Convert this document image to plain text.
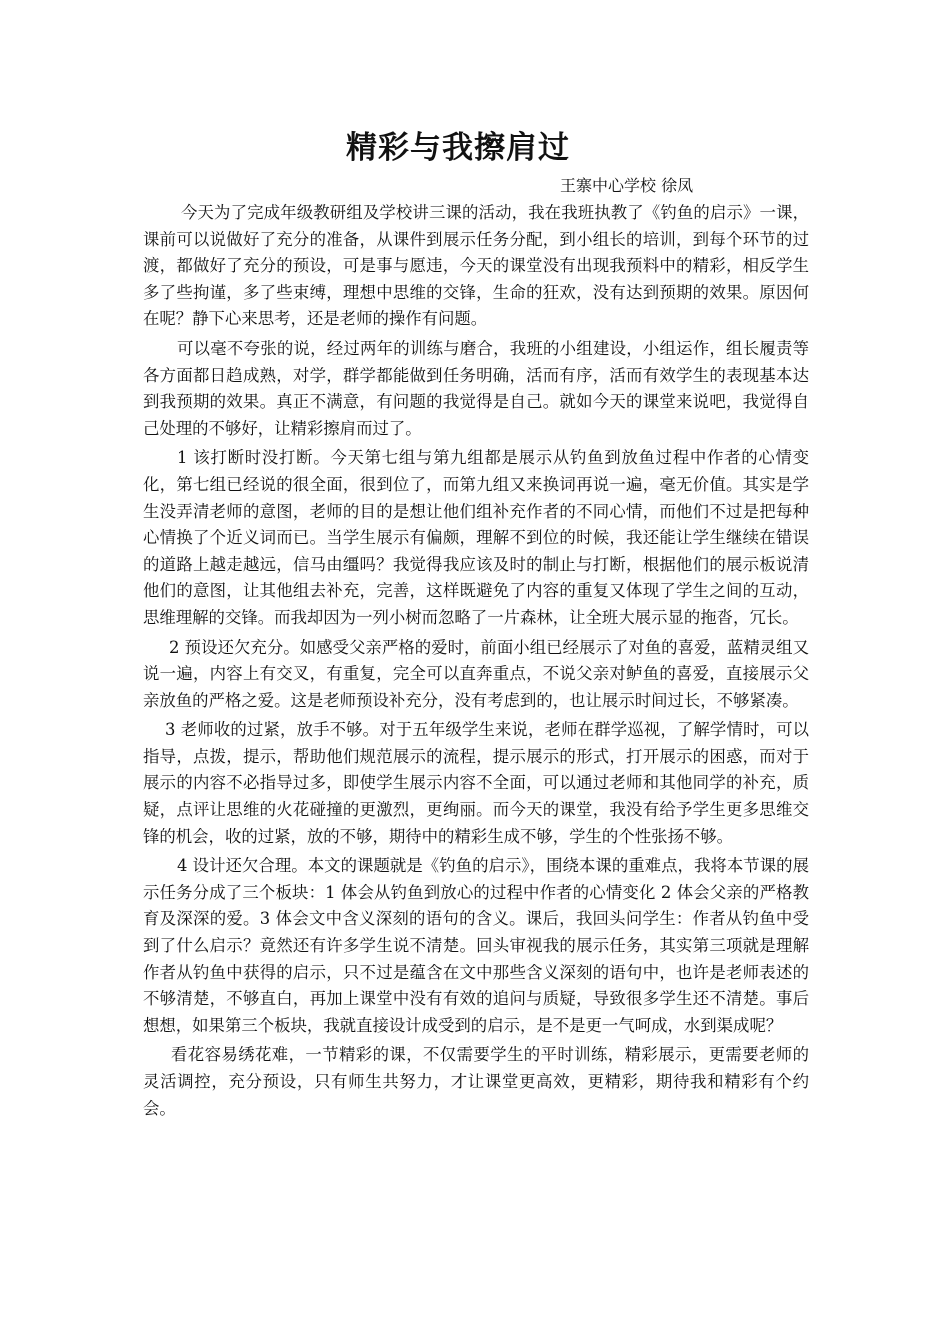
精彩与我擦肩过

王寨中心学校 徐凤

今天为了完成年级教研组及学校讲三课的活动，我在我班执教了《钓鱼的启示》一课，课前可以说做好了充分的准备，从课件到展示任务分配，到小组长的培训，到每个环节的过渡，都做好了充分的预设，可是事与愿违，今天的课堂没有出现我预料中的精彩，相反学生多了些拘谨，多了些束缚，理想中思维的交锋，生命的狂欢，没有达到预期的效果。原因何在呢？静下心来思考，还是老师的操作有问题。

可以毫不夸张的说，经过两年的训练与磨合，我班的小组建设，小组运作，组长履责等各方面都日趋成熟，对学，群学都能做到任务明确，活而有序，活而有效学生的表现基本达到我预期的效果。真正不满意，有问题的我觉得是自己。就如今天的课堂来说吧，我觉得自己处理的不够好，让精彩擦肩而过了。

1 该打断时没打断。今天第七组与第九组都是展示从钓鱼到放鱼过程中作者的心情变化，第七组已经说的很全面，很到位了，而第九组又来换词再说一遍，毫无价值。其实是学生没弄清老师的意图，老师的目的是想让他们组补充作者的不同心情，而他们不过是把每种心情换了个近义词而已。当学生展示有偏颇，理解不到位的时候，我还能让学生继续在错误的道路上越走越远，信马由缰吗？我觉得我应该及时的制止与打断，根据他们的展示板说清他们的意图，让其他组去补充，完善，这样既避免了内容的重复又体现了学生之间的互动，思维理解的交锋。而我却因为一列小树而忽略了一片森林，让全班大展示显的拖沓，冗长。

2 预设还欠充分。如感受父亲严格的爱时，前面小组已经展示了对鱼的喜爱，蓝精灵组又说一遍，内容上有交叉，有重复，完全可以直奔重点，不说父亲对鲈鱼的喜爱，直接展示父亲放鱼的严格之爱。这是老师预设补充分，没有考虑到的，也让展示时间过长，不够紧凑。

3 老师收的过紧，放手不够。对于五年级学生来说，老师在群学巡视，了解学情时，可以指导，点拨，提示，帮助他们规范展示的流程，提示展示的形式，打开展示的困惑，而对于展示的内容不必指导过多，即使学生展示内容不全面，可以通过老师和其他同学的补充，质疑，点评让思维的火花碰撞的更激烈，更绚丽。而今天的课堂，我没有给予学生更多思维交锋的机会，收的过紧，放的不够，期待中的精彩生成不够，学生的个性张扬不够。

4 设计还欠合理。本文的课题就是《钓鱼的启示》，围绕本课的重难点，我将本节课的展示任务分成了三个板块：1 体会从钓鱼到放心的过程中作者的心情变化 2 体会父亲的严格教育及深深的爱。3 体会文中含义深刻的语句的含义。课后，我回头问学生：作者从钓鱼中受到了什么启示？竟然还有许多学生说不清楚。回头审视我的展示任务，其实第三项就是理解作者从钓鱼中获得的启示，只不过是蕴含在文中那些含义深刻的语句中，也许是老师表述的不够清楚，不够直白，再加上课堂中没有有效的追问与质疑，导致很多学生还不清楚。事后想想，如果第三个板块，我就直接设计成受到的启示，是不是更一气呵成，水到渠成呢？

看花容易绣花难，一节精彩的课，不仅需要学生的平时训练，精彩展示，更需要老师的灵活调控，充分预设，只有师生共努力，才让课堂更高效，更精彩，期待我和精彩有个约会。
